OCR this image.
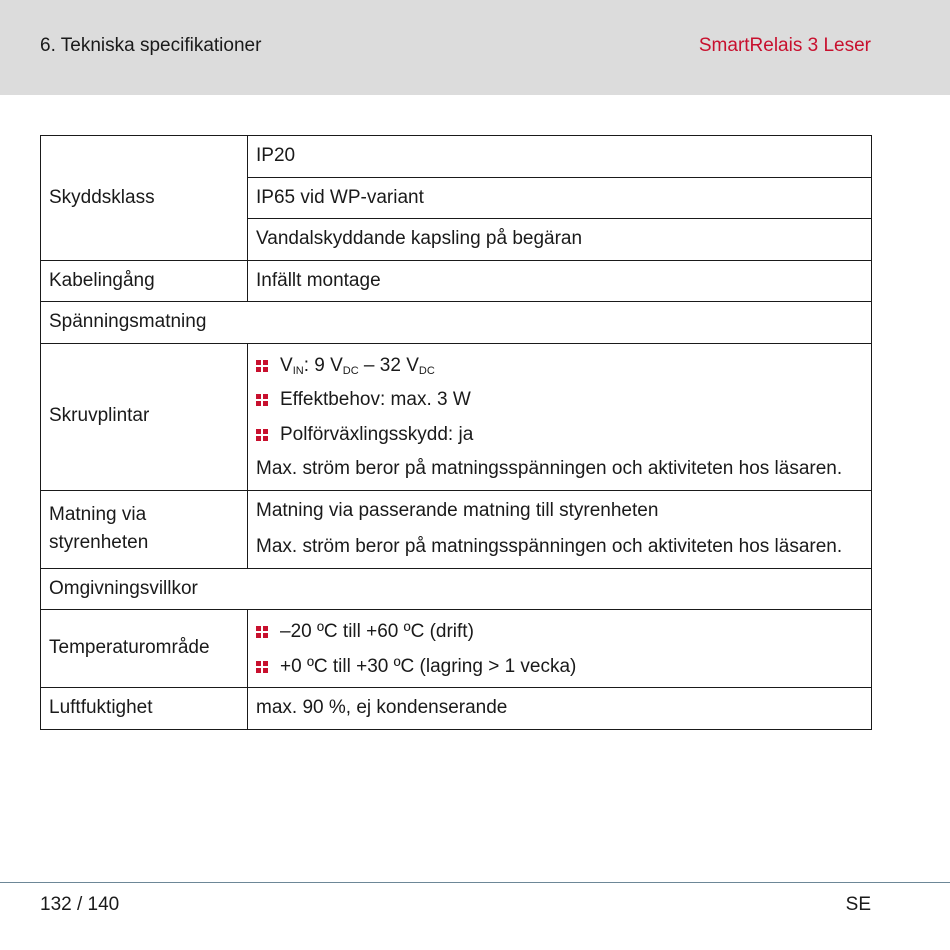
6. Tekniska specifikationer	SmartRelais 3 Leser
Skyddsklass	IP20
	IP65 vid WP-variant
	Vandalskyddande kapsling på begäran
Kabelingång	Infällt montage
Spänningsmatning	
Skruvplintar	$V_{IN}$: 9 $V_{DC} - 32$ $V_{DC}$
Effektbehov: max. 3 W
Polförväxlingsskydd: ja
Max. ström beror på matningsspänningen och aktiviteten hos läsaren.

Matning via styrenheten	Matning via passerande matning till styrenheten
Max. ström beror på matningsspänningen och aktiviteten hos läsaren.

Omgivningsvillkor	
Temperaturområde	–20 ºC till +60 ºC (drift)
+0 ºC till +30 ºC (lagring > 1 vecka)

Luftfuktighet	max. 90 %, ej kondenserande
132 / 140	SE
